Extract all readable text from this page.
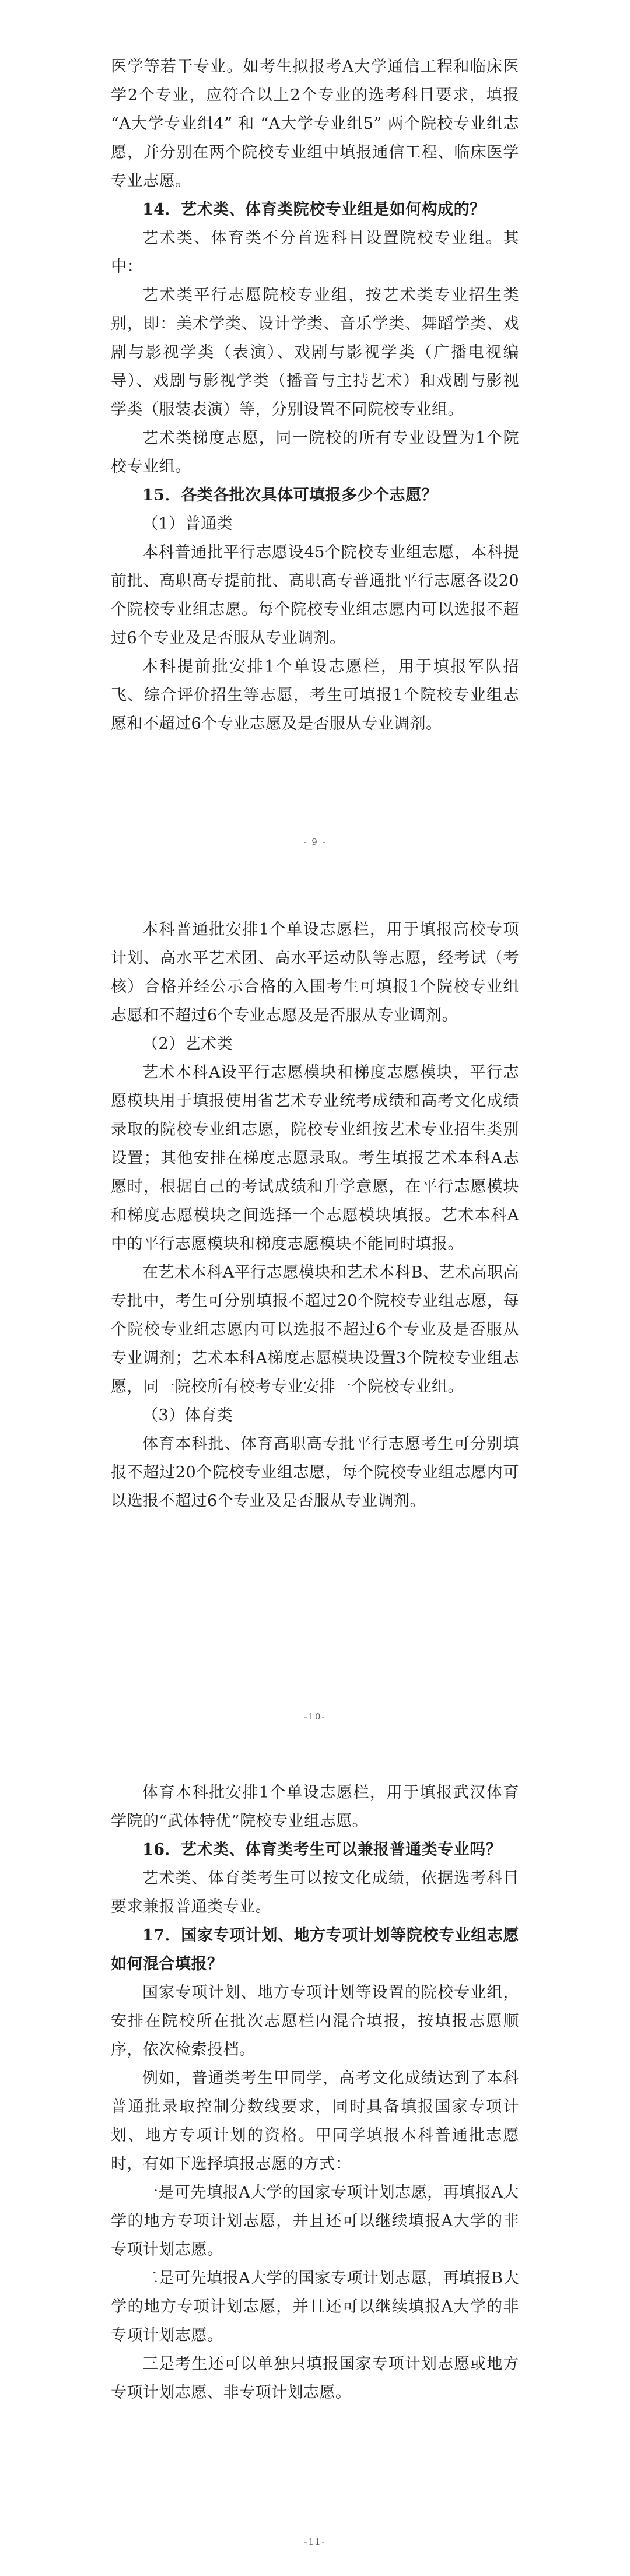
医学等若干专业。如考生拟报考A大学通信工程和临床医学2个专业，应符合以上2个专业的选考科目要求，填报 “A大学专业组4” 和 “A大学专业组5” 两个院校专业组志愿，并分别在两个院校专业组中填报通信工程、临床医学专业志愿。

14．艺术类、体育类院校专业组是如何构成的？

艺术类、体育类不分首选科目设置院校专业组。其中：

艺术类平行志愿院校专业组，按艺术类专业招生类别，即：美术学类、设计学类、音乐学类、舞蹈学类、戏剧与影视学类（表演）、戏剧与影视学类（广播电视编导）、戏剧与影视学类（播音与主持艺术）和戏剧与影视学类（服装表演）等，分别设置不同院校专业组。

艺术类梯度志愿，同一院校的所有专业设置为1个院校专业组。

15．各类各批次具体可填报多少个志愿？

（1）普通类

本科普通批平行志愿设45个院校专业组志愿，本科提前批、高职高专提前批、高职高专普通批平行志愿各设20个院校专业组志愿。每个院校专业组志愿内可以选报不超过6个专业及是否服从专业调剂。

本科提前批安排1个单设志愿栏，用于填报军队招飞、综合评价招生等志愿，考生可填报1个院校专业组志愿和不超过6个专业志愿及是否服从专业调剂。

- 9 -

本科普通批安排1个单设志愿栏，用于填报高校专项计划、高水平艺术团、高水平运动队等志愿，经考试（考核）合格并经公示合格的入围考生可填报1个院校专业组志愿和不超过6个专业志愿及是否服从专业调剂。

（2）艺术类

艺术本科A设平行志愿模块和梯度志愿模块，平行志愿模块用于填报使用省艺术专业统考成绩和高考文化成绩录取的院校专业组志愿，院校专业组按艺术专业招生类别设置；其他安排在梯度志愿录取。考生填报艺术本科A志愿时，根据自己的考试成绩和升学意愿，在平行志愿模块和梯度志愿模块之间选择一个志愿模块填报。艺术本科A中的平行志愿模块和梯度志愿模块不能同时填报。

在艺术本科A平行志愿模块和艺术本科B、艺术高职高专批中，考生可分别填报不超过20个院校专业组志愿，每个院校专业组志愿内可以选报不超过6个专业及是否服从专业调剂；艺术本科A梯度志愿模块设置3个院校专业组志愿，同一院校所有校考专业安排一个院校专业组。

（3）体育类

体育本科批、体育高职高专批平行志愿考生可分别填报不超过20个院校专业组志愿，每个院校专业组志愿内可以选报不超过6个专业及是否服从专业调剂。

-10-

体育本科批安排1个单设志愿栏，用于填报武汉体育学院的“武体特优”院校专业组志愿。

16．艺术类、体育类考生可以兼报普通类专业吗？

艺术类、体育类考生可以按文化成绩，依据选考科目要求兼报普通类专业。

17．国家专项计划、地方专项计划等院校专业组志愿如何混合填报？

国家专项计划、地方专项计划等设置的院校专业组，安排在院校所在批次志愿栏内混合填报，按填报志愿顺序，依次检索投档。

例如，普通类考生甲同学，高考文化成绩达到了本科普通批录取控制分数线要求，同时具备填报国家专项计划、地方专项计划的资格。甲同学填报本科普通批志愿时，有如下选择填报志愿的方式：

一是可先填报A大学的国家专项计划志愿，再填报A大学的地方专项计划志愿，并且还可以继续填报A大学的非专项计划志愿。

二是可先填报A大学的国家专项计划志愿，再填报B大学的地方专项计划志愿，并且还可以继续填报A大学的非专项计划志愿。

三是考生还可以单独只填报国家专项计划志愿或地方专项计划志愿、非专项计划志愿。

-11-
